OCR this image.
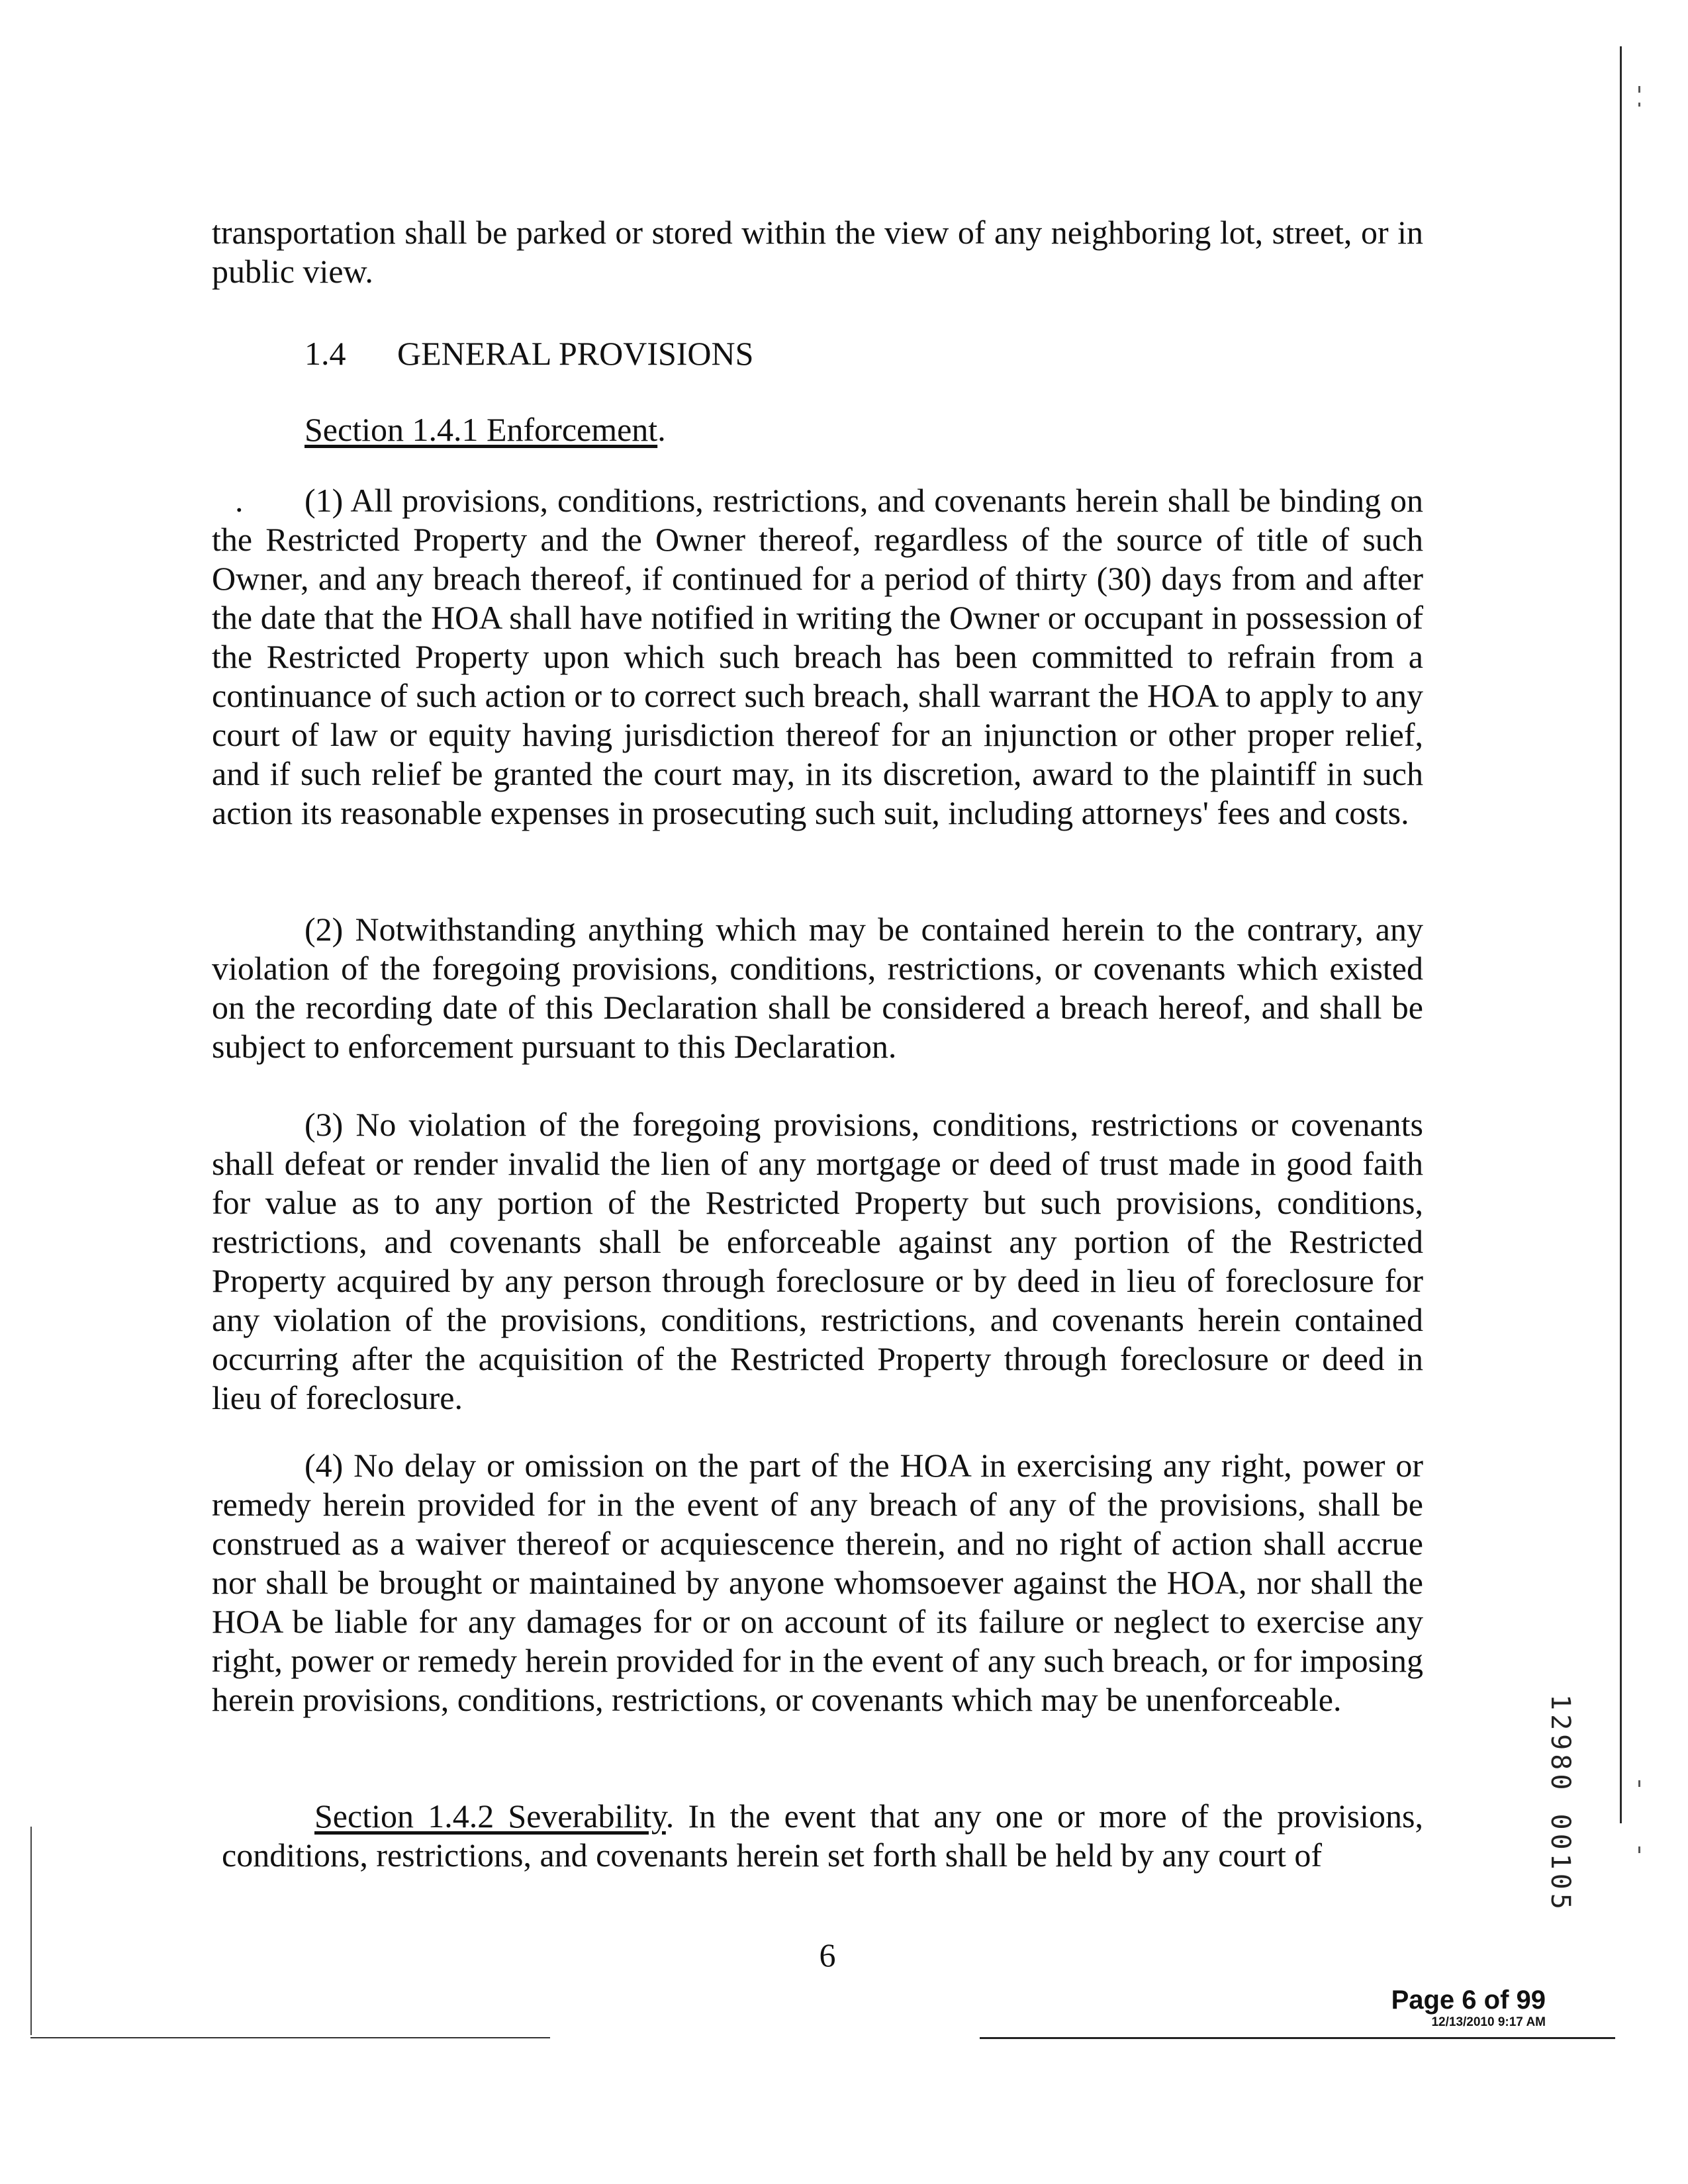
transportation shall be parked or stored within the view of any neighboring lot, street, or in public view.

1.4 GENERAL PROVISIONS

Section 1.4.1 Enforcement.

.	(1) All provisions, conditions, restrictions, and covenants herein shall be binding on the Restricted Property and the Owner thereof, regardless of the source of title of such Owner, and any breach thereof, if continued for a period of thirty (30) days from and after the date that the HOA shall have notified in writing the Owner or occupant in possession of the Restricted Property upon which such breach has been committed to refrain from a continuance of such action or to correct such breach, shall warrant the HOA to apply to any court of law or equity having jurisdiction thereof for an injunction or other proper relief, and if such relief be granted the court may, in its discretion, award to the plaintiff in such action its reasonable expenses in prosecuting such suit, including attorneys' fees and costs.

(2) Notwithstanding anything which may be contained herein to the contrary, any violation of the foregoing provisions, conditions, restrictions, or covenants which existed on the recording date of this Declaration shall be considered a breach hereof, and shall be subject to enforcement pursuant to this Declaration.

(3) No violation of the foregoing provisions, conditions, restrictions or covenants shall defeat or render invalid the lien of any mortgage or deed of trust made in good faith for value as to any portion of the Restricted Property but such provisions, conditions, restrictions, and covenants shall be enforceable against any portion of the Restricted Property acquired by any person through foreclosure or by deed in lieu of foreclosure for any violation of the provisions, conditions, restrictions, and covenants herein contained occurring after the acquisition of the Restricted Property through foreclosure or deed in lieu of foreclosure.

(4) No delay or omission on the part of the HOA in exercising any right, power or remedy herein provided for in the event of any breach of any of the provisions, shall be construed as a waiver thereof or acquiescence therein, and no right of action shall accrue nor shall be brought or maintained by anyone whomsoever against the HOA, nor shall the HOA be liable for any damages for or on account of its failure or neglect to exercise any right, power or remedy herein provided for in the event of any such breach, or for imposing herein provisions, conditions, restrictions, or covenants which may be unenforceable.

Section 1.4.2 Severability. In the event that any one or more of the provisions, conditions, restrictions, and covenants herein set forth shall be held by any court of	12980 00105
6
Page 6 of 99
12/13/2010 9:17 AM
